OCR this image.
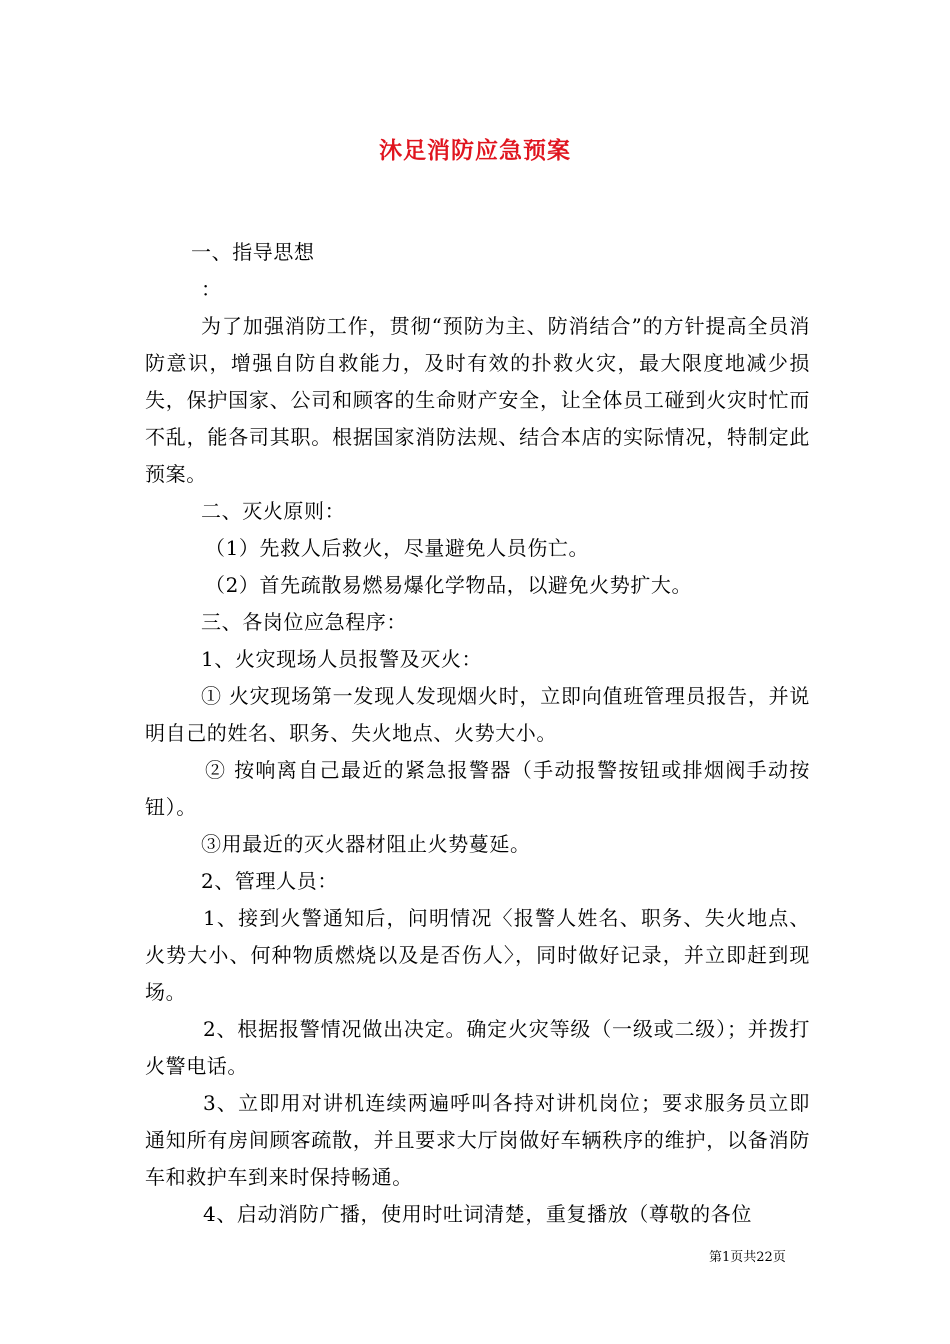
沐足消防应急预案

一、指导思想

：

为了加强消防工作，贯彻“预防为主、防消结合”的方针提高全员消防意识，增强自防自救能力，及时有效的扑救火灾，最大限度地减少损失，保护国家、公司和顾客的生命财产安全，让全体员工碰到火灾时忙而不乱，能各司其职。根据国家消防法规、结合本店的实际情况，特制定此预案。

二、灭火原则：

（1）先救人后救火，尽量避免人员伤亡。

（2）首先疏散易燃易爆化学物品，以避免火势扩大。

三、各岗位应急程序：

1、火灾现场人员报警及灭火：

① 火灾现场第一发现人发现烟火时，立即向值班管理员报告，并说明自己的姓名、职务、失火地点、火势大小。

② 按响离自己最近的紧急报警器（手动报警按钮或排烟阀手动按钮）。

③用最近的灭火器材阻止火势蔓延。

2、管理人员：

1、接到火警通知后，问明情况〈报警人姓名、职务、失火地点、火势大小、何种物质燃烧以及是否伤人〉，同时做好记录，并立即赶到现场。

2、根据报警情况做出决定。确定火灾等级（一级或二级）；并拨打火警电话。

3、立即用对讲机连续两遍呼叫各持对讲机岗位；要求服务员立即通知所有房间顾客疏散，并且要求大厅岗做好车辆秩序的维护，以备消防车和救护车到来时保持畅通。

4、启动消防广播，使用时吐词清楚，重复播放（尊敬的各位

第1页共22页
